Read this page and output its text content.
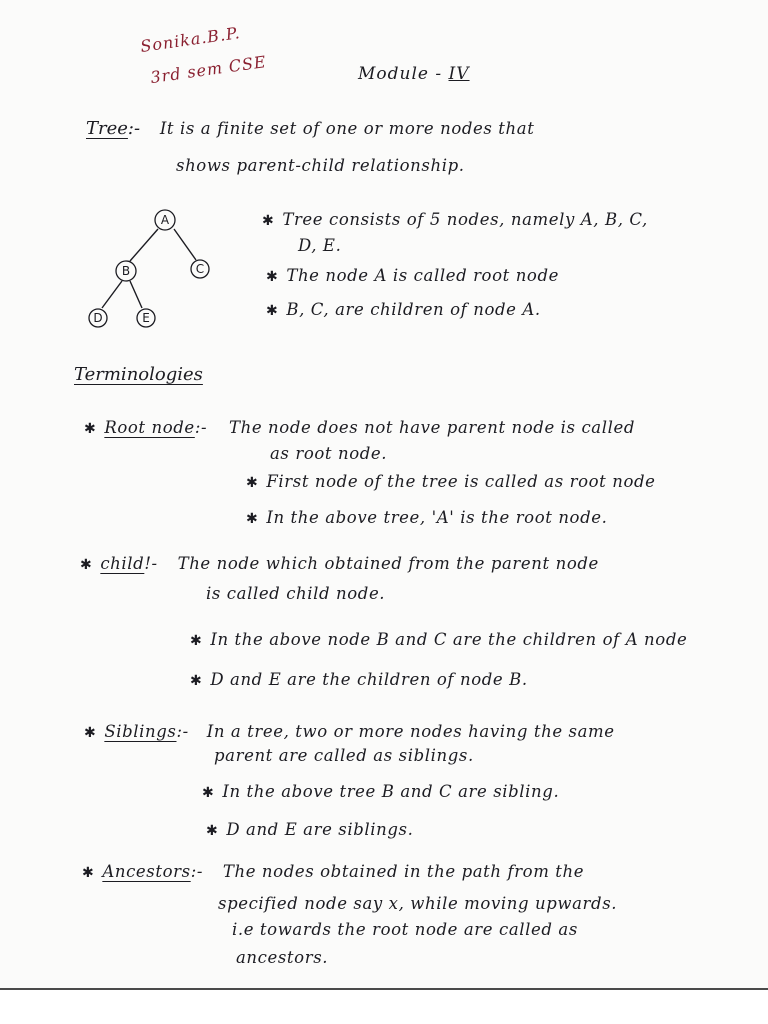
Sonika.B.P.
3rd sem CSE	Module - IV
Tree:- It is a finite set of one or more nodes that
shows parent-child relationship.
A
B	C
D	E
✱ Tree consists of 5 nodes, namely A, B, C,
D, E.
✱ The node A is called root node
✱ B, C, are children of node A.
Terminologies
✱ Root node:- The node does not have parent node is called
as root node.
✱ First node of the tree is called as root node
✱ In the above tree, 'A' is the root node.
✱ child!- The node which obtained from the parent node
is called child node.
✱ In the above node B and C are the children of A node
✱ D and E are the children of node B.
✱ Siblings:- In a tree, two or more nodes having the same
parent are called as siblings.
✱ In the above tree B and C are sibling.
✱ D and E are siblings.
✱ Ancestors:- The nodes obtained in the path from the
specified node say x, while moving upwards.
i.e towards the root node are called as
ancestors.
